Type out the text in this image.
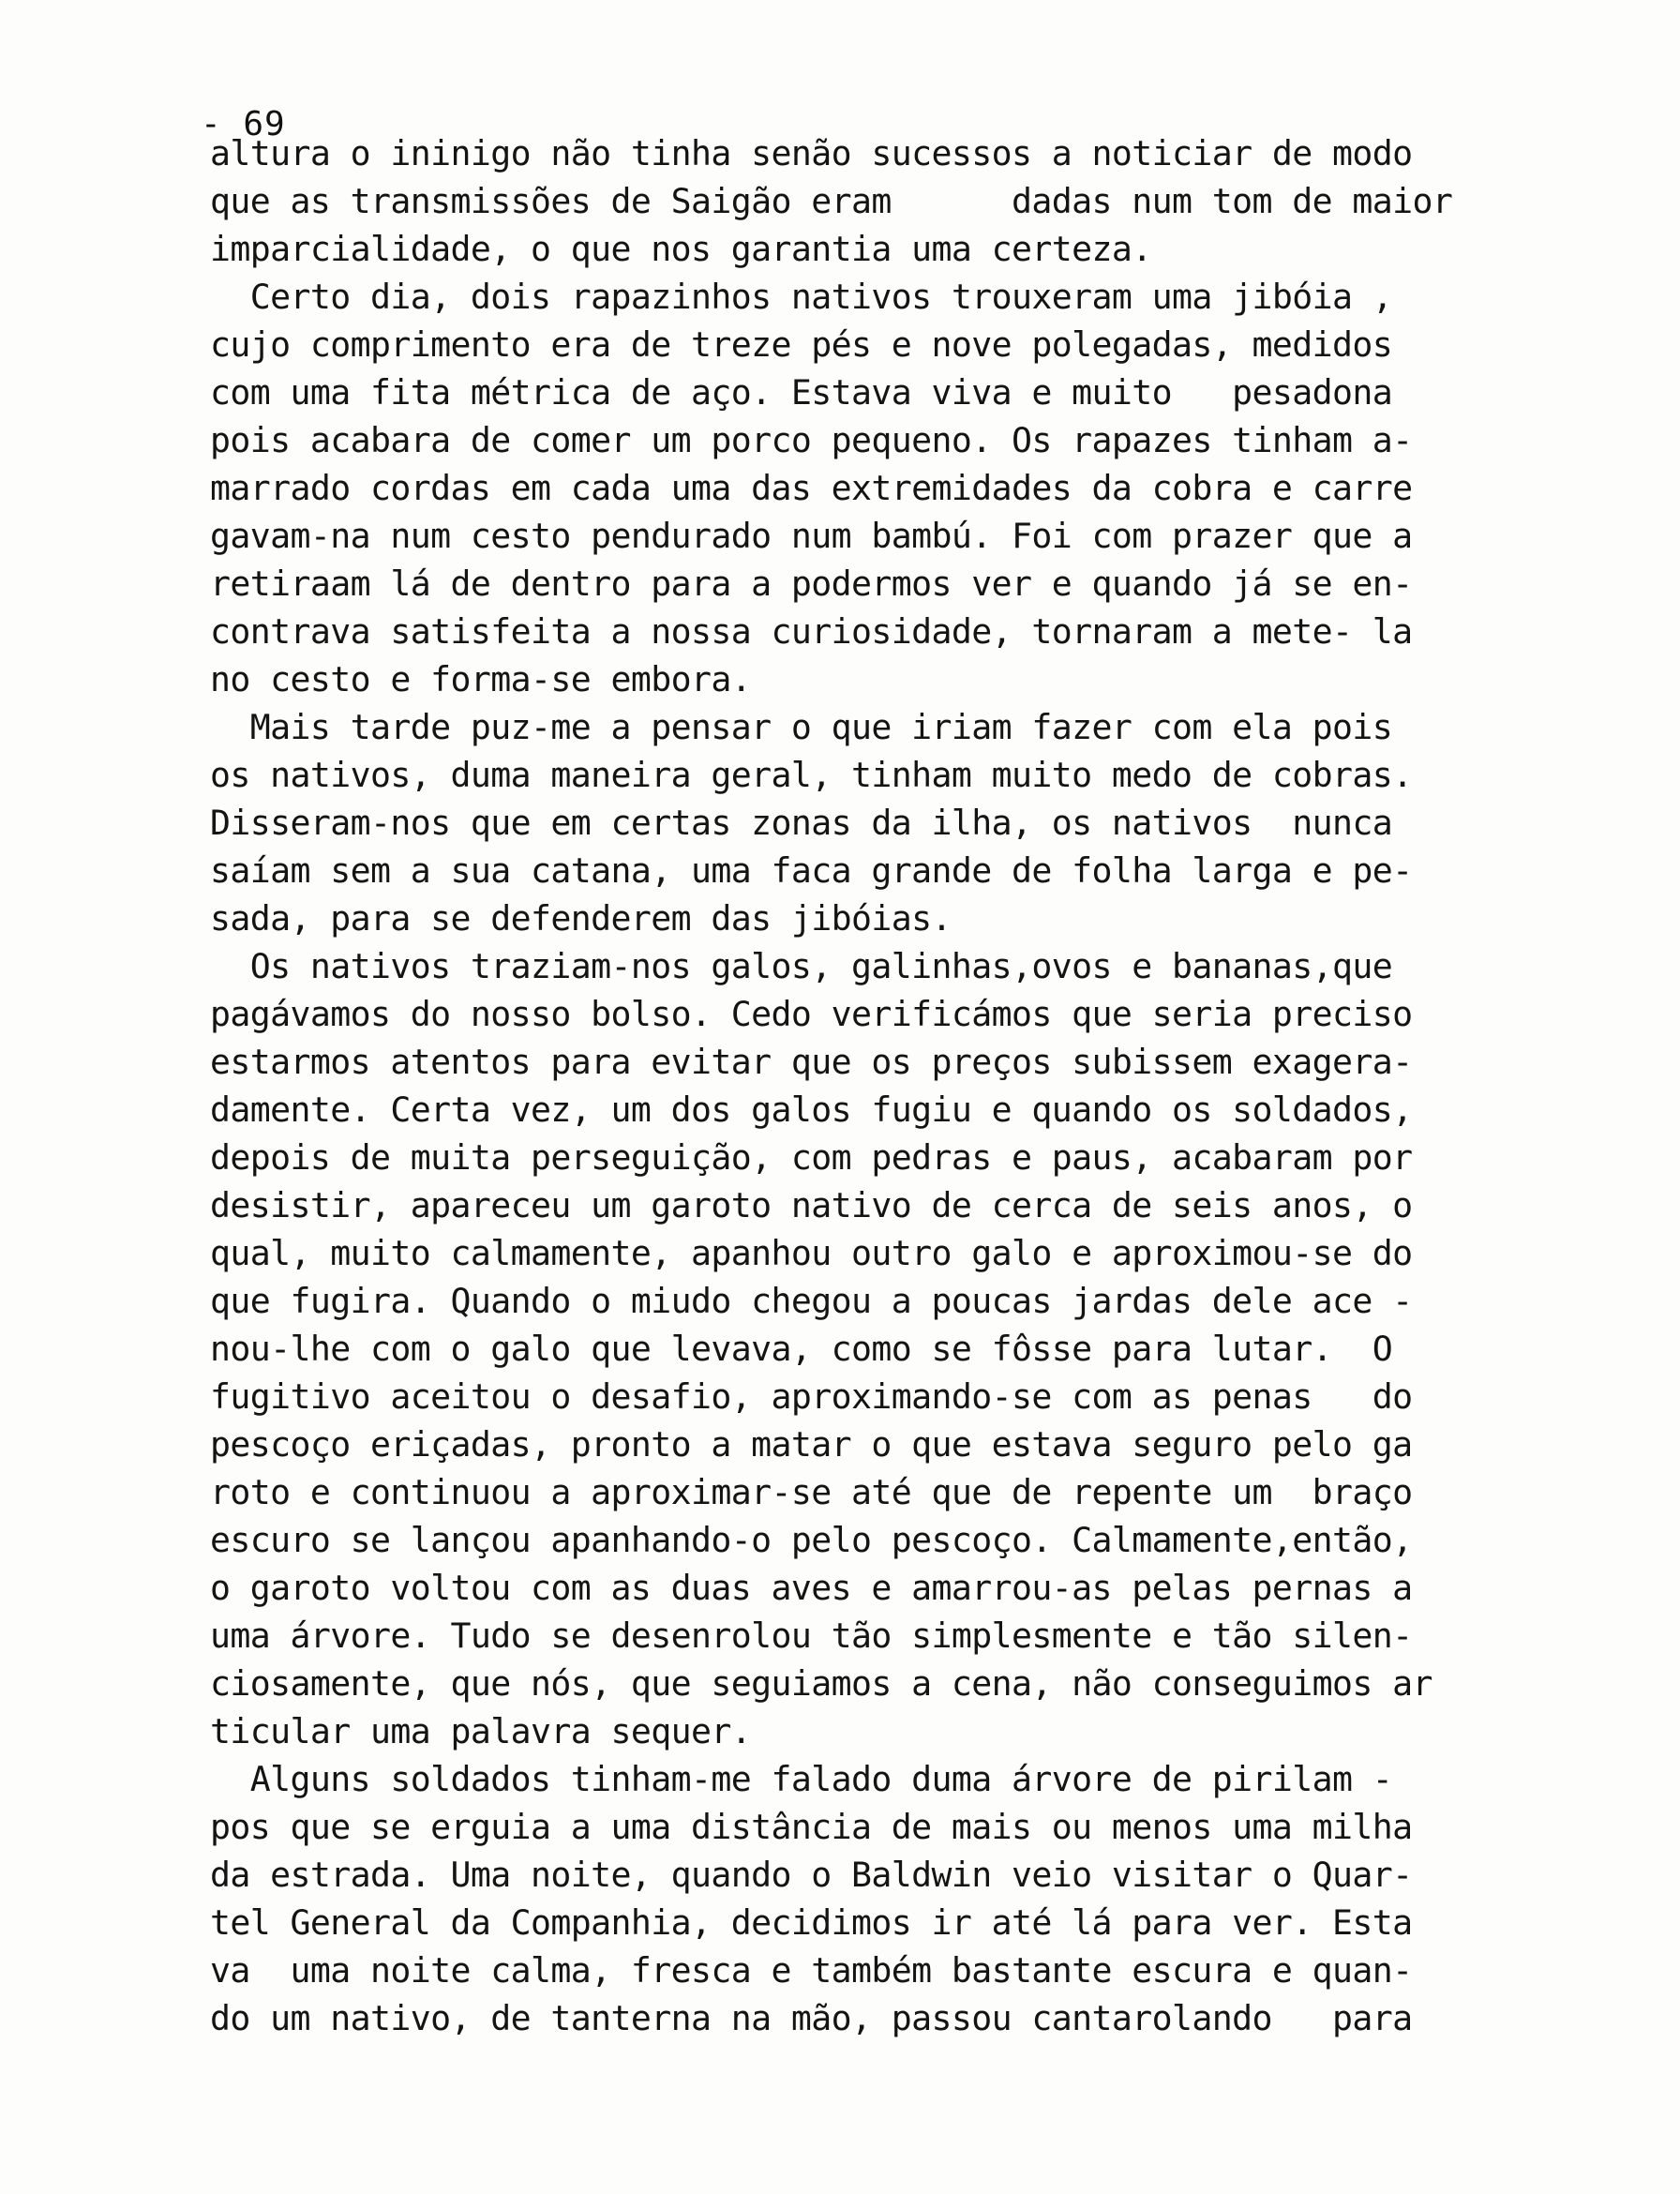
- 69
altura o ininigo não tinha senão sucessos a noticiar de modo
que as transmissões de Saigão eram      dadas num tom de maior
imparcialidade, o que nos garantia uma certeza.
Certo dia, dois rapazinhos nativos trouxeram uma jibóia ,
cujo comprimento era de treze pés e nove polegadas, medidos
com uma fita métrica de aço. Estava viva e muito   pesadona
pois acabara de comer um porco pequeno. Os rapazes tinham a-
marrado cordas em cada uma das extremidades da cobra e carre
gavam-na num cesto pendurado num bambú. Foi com prazer que a
retiraam lá de dentro para a podermos ver e quando já se en-
contrava satisfeita a nossa curiosidade, tornaram a mete- la
no cesto e forma-se embora.
Mais tarde puz-me a pensar o que iriam fazer com ela pois
os nativos, duma maneira geral, tinham muito medo de cobras.
Disseram-nos que em certas zonas da ilha, os nativos  nunca
saíam sem a sua catana, uma faca grande de folha larga e pe-
sada, para se defenderem das jibóias.
Os nativos traziam-nos galos, galinhas,ovos e bananas,que
pagávamos do nosso bolso. Cedo verificámos que seria preciso
estarmos atentos para evitar que os preços subissem exagera-
damente. Certa vez, um dos galos fugiu e quando os soldados,
depois de muita perseguição, com pedras e paus, acabaram por
desistir, apareceu um garoto nativo de cerca de seis anos, o
qual, muito calmamente, apanhou outro galo e aproximou-se do
que fugira. Quando o miudo chegou a poucas jardas dele ace -
nou-lhe com o galo que levava, como se fôsse para lutar.  O
fugitivo aceitou o desafio, aproximando-se com as penas   do
pescoço eriçadas, pronto a matar o que estava seguro pelo ga
roto e continuou a aproximar-se até que de repente um  braço
escuro se lançou apanhando-o pelo pescoço. Calmamente,então,
o garoto voltou com as duas aves e amarrou-as pelas pernas a
uma árvore. Tudo se desenrolou tão simplesmente e tão silen-
ciosamente, que nós, que seguiamos a cena, não conseguimos ar
ticular uma palavra sequer.
Alguns soldados tinham-me falado duma árvore de pirilam -
pos que se erguia a uma distância de mais ou menos uma milha
da estrada. Uma noite, quando o Baldwin veio visitar o Quar-
tel General da Companhia, decidimos ir até lá para ver. Esta
va  uma noite calma, fresca e também bastante escura e quan-
do um nativo, de tanterna na mão, passou cantarolando   para
